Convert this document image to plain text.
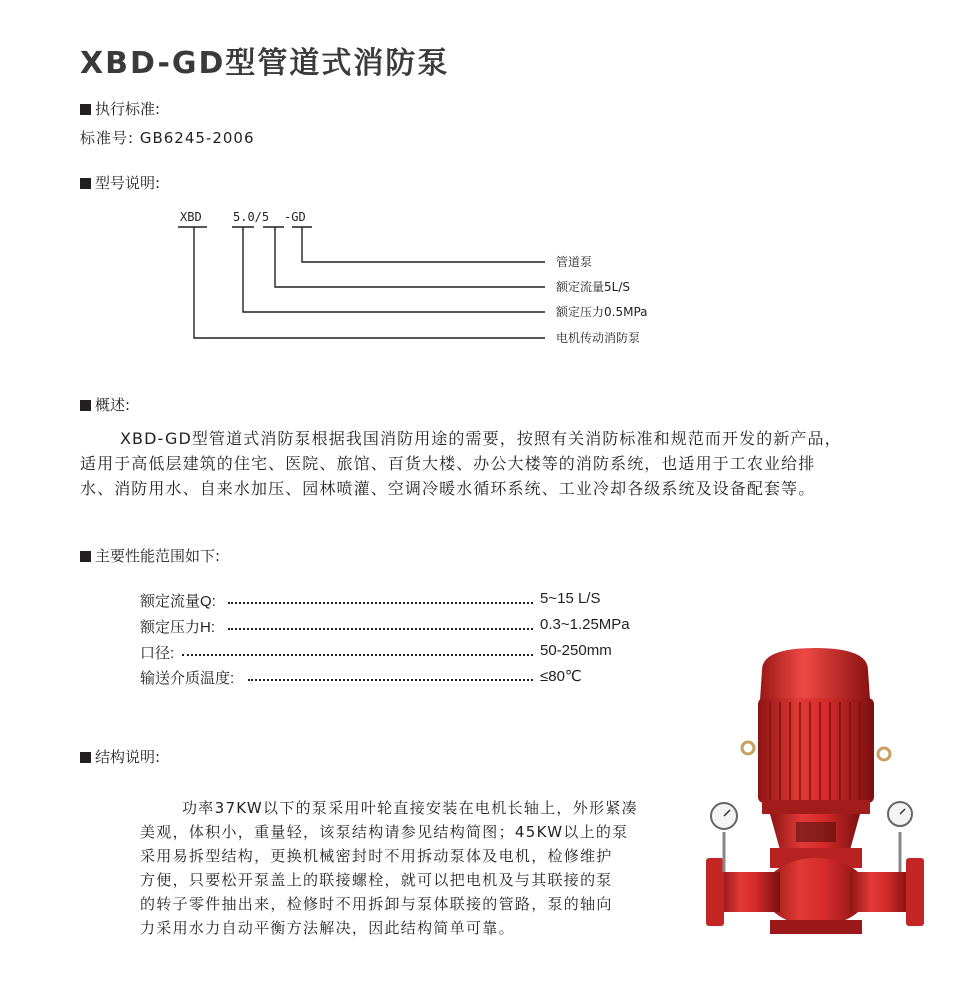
XBD-GD型管道式消防泵
执行标准:
标准号: GB6245-2006
型号说明:
XBD	5.0/5 -GD
管道泵
额定流量5L/S
额定压力0.5MPa
电机传动消防泵
概述:
XBD-GD型管道式消防泵根据我国消防用途的需要，按照有关消防标准和规范而开发的新产品，
适用于高低层建筑的住宅、医院、旅馆、百货大楼、办公大楼等的消防系统，也适用于工农业给排
水、消防用水、自来水加压、园林喷灌、空调冷暖水循环系统、工业冷却各级系统及设备配套等。
主要性能范围如下:
额定流量Q:	5~15 L/S
额定压力H:	0.3~1.25MPa
口径:	50-250mm
输送介质温度:	≤80℃
结构说明:
功率37KW以下的泵采用叶轮直接安装在电机长轴上，外形紧凑
美观，体积小，重量轻，该泵结构请参见结构简图；45KW以上的泵
采用易拆型结构，更换机械密封时不用拆动泵体及电机，检修维护
方便，只要松开泵盖上的联接螺栓，就可以把电机及与其联接的泵
的转子零件抽出来，检修时不用拆卸与泵体联接的管路，泵的轴向
力采用水力自动平衡方法解决，因此结构简单可靠。
